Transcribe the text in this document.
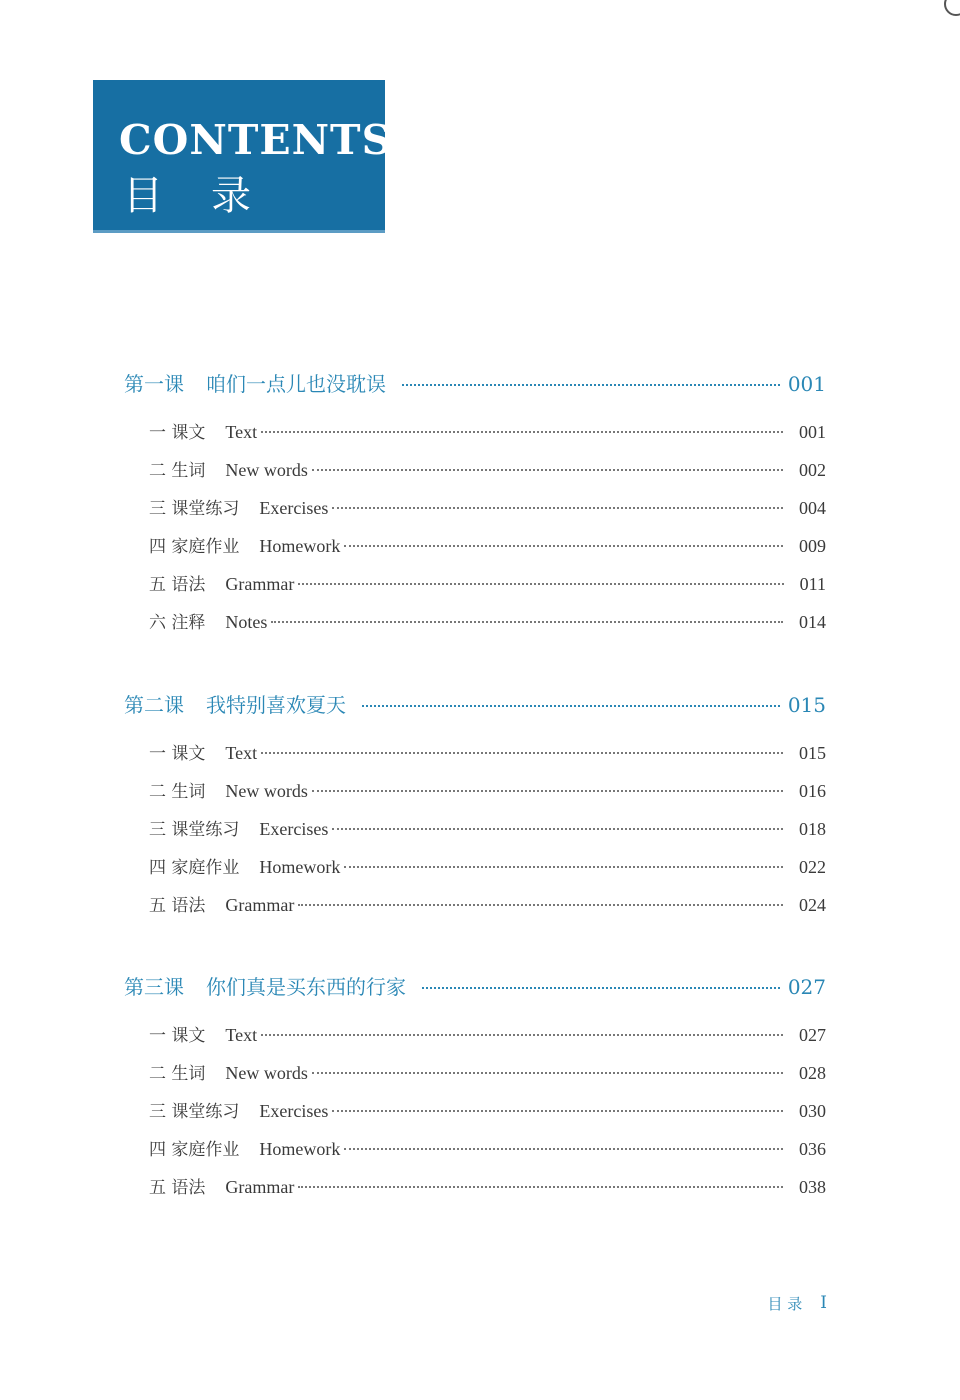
CONTENTS
目录
第一课 咱们一点儿也没耽误	001
一 课文 Text	001
二 生词 New words	002
三 课堂练习 Exercises	004
四 家庭作业 Homework	009
五 语法 Grammar	011
六 注释 Notes	014
第二课 我特别喜欢夏天	015
一 课文 Text	015
二 生词 New words	016
三 课堂练习 Exercises	018
四 家庭作业 Homework	022
五 语法 Grammar	024
第三课 你们真是买东西的行家	027
一 课文 Text	027
二 生词 New words	028
三 课堂练习 Exercises	030
四 家庭作业 Homework	036
五 语法 Grammar	038
目 录 I
